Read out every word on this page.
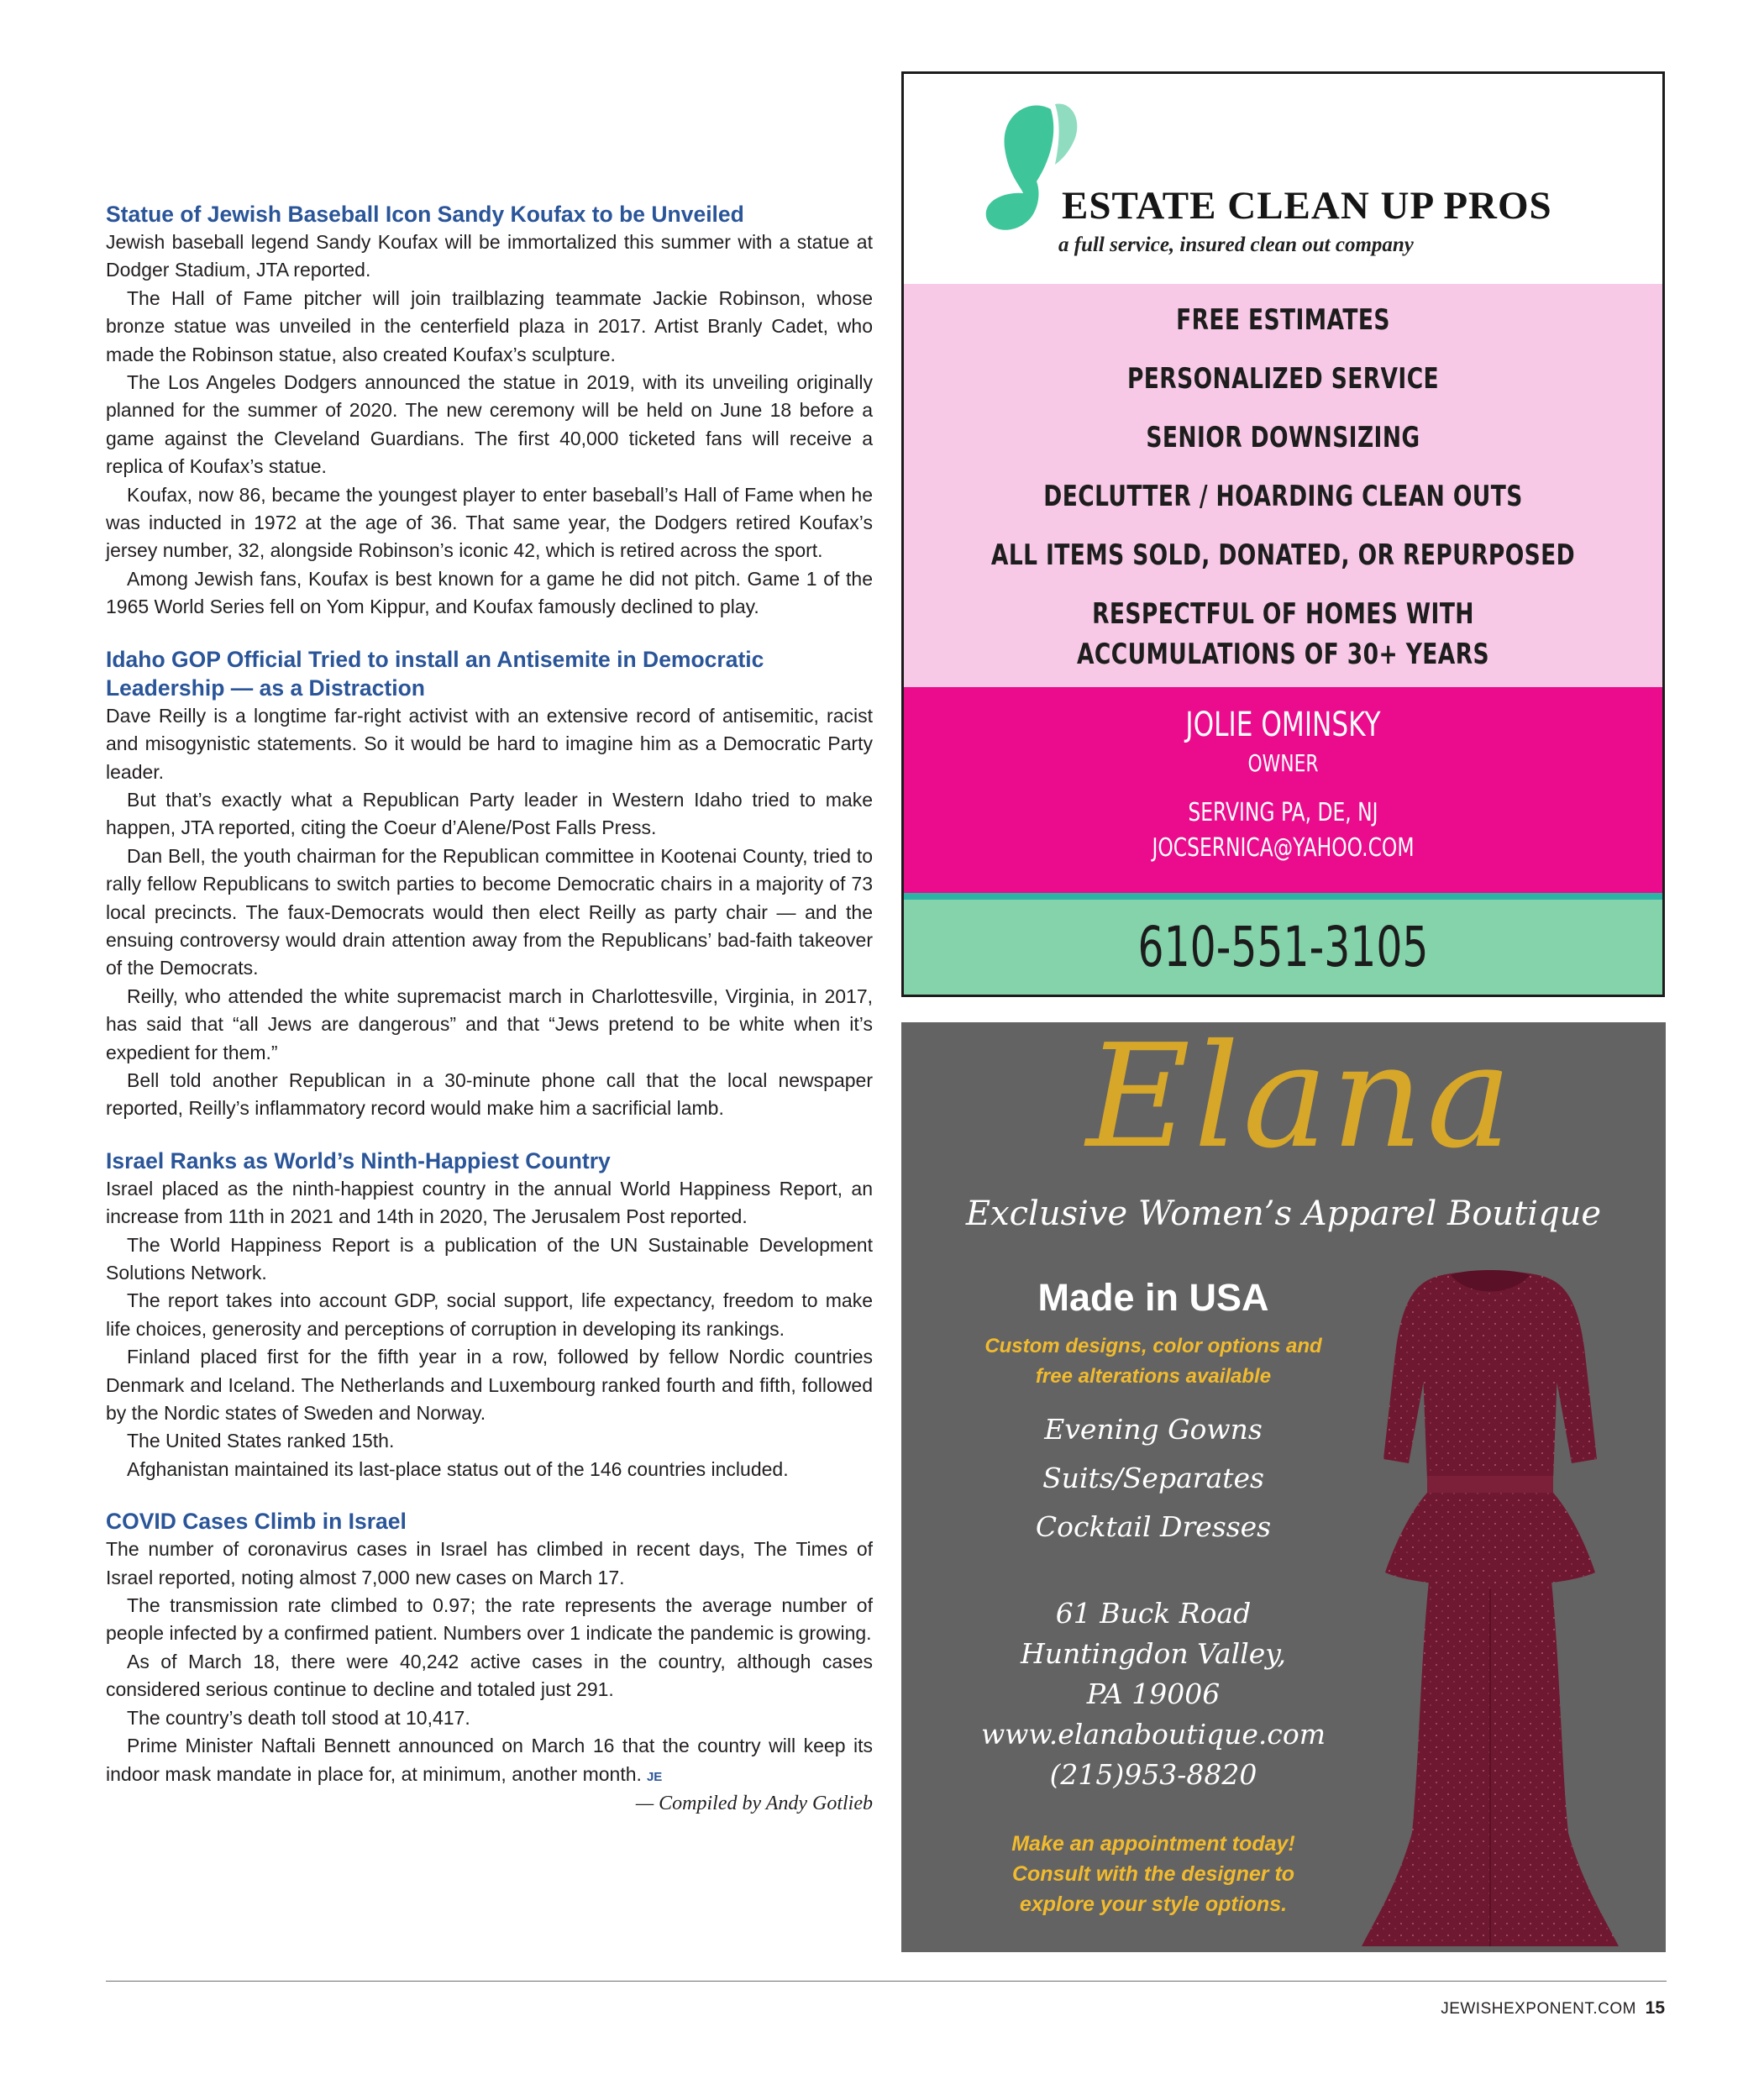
Statue of Jewish Baseball Icon Sandy Koufax to be Unveiled

Jewish baseball legend Sandy Koufax will be immortalized this summer with a statue at Dodger Stadium, JTA reported.

The Hall of Fame pitcher will join trailblazing teammate Jackie Robinson, whose bronze statue was unveiled in the centerfield plaza in 2017. Artist Branly Cadet, who made the Robinson statue, also created Koufax’s sculpture.

The Los Angeles Dodgers announced the statue in 2019, with its unveiling originally planned for the summer of 2020. The new ceremony will be held on June 18 before a game against the Cleveland Guardians. The first 40,000 ticketed fans will receive a replica of Koufax’s statue.

Koufax, now 86, became the youngest player to enter baseball’s Hall of Fame when he was inducted in 1972 at the age of 36. That same year, the Dodgers retired Koufax’s jersey number, 32, alongside Robinson’s iconic 42, which is retired across the sport.

Among Jewish fans, Koufax is best known for a game he did not pitch. Game 1 of the 1965 World Series fell on Yom Kippur, and Koufax famously declined to play.

Idaho GOP Official Tried to install an Antisemite in Democratic Leadership — as a Distraction

Dave Reilly is a longtime far-right activist with an extensive record of antisemitic, racist and misogynistic statements. So it would be hard to imagine him as a Democratic Party leader.

But that’s exactly what a Republican Party leader in Western Idaho tried to make happen, JTA reported, citing the Coeur d’Alene/Post Falls Press.

Dan Bell, the youth chairman for the Republican committee in Kootenai County, tried to rally fellow Republicans to switch parties to become Democratic chairs in a majority of 73 local precincts. The faux-Democrats would then elect Reilly as party chair — and the ensuing controversy would drain attention away from the Republicans’ bad-faith takeover of the Democrats.

Reilly, who attended the white supremacist march in Charlottesville, Virginia, in 2017, has said that “all Jews are dangerous” and that “Jews pretend to be white when it’s expedient for them.”

Bell told another Republican in a 30-minute phone call that the local newspaper reported, Reilly’s inflammatory record would make him a sacrificial lamb.

Israel Ranks as World’s Ninth-Happiest Country

Israel placed as the ninth-happiest country in the annual World Happiness Report, an increase from 11th in 2021 and 14th in 2020, The Jerusalem Post reported.

The World Happiness Report is a publication of the UN Sustainable Development Solutions Network.

The report takes into account GDP, social support, life expectancy, freedom to make life choices, generosity and perceptions of corruption in developing its rankings.

Finland placed first for the fifth year in a row, followed by fellow Nordic countries Denmark and Iceland. The Netherlands and Luxembourg ranked fourth and fifth, followed by the Nordic states of Sweden and Norway.

The United States ranked 15th.

Afghanistan maintained its last-place status out of the 146 countries included.

COVID Cases Climb in Israel

The number of coronavirus cases in Israel has climbed in recent days, The Times of Israel reported, noting almost 7,000 new cases on March 17.

The transmission rate climbed to 0.97; the rate represents the average number of people infected by a confirmed patient. Numbers over 1 indicate the pandemic is growing.

As of March 18, there were 40,242 active cases in the country, although cases considered serious continue to decline and totaled just 291.

The country’s death toll stood at 10,417.

Prime Minister Naftali Bennett announced on March 16 that the country will keep its indoor mask mandate in place for, at minimum, another month. JE

— Compiled by Andy Gotlieb
ESTATE CLEAN UP PROS
a full service, insured clean out company
FREE ESTIMATES
PERSONALIZED SERVICE
SENIOR DOWNSIZING
DECLUTTER / HOARDING CLEAN OUTS
ALL ITEMS SOLD, DONATED, OR REPURPOSED
RESPECTFUL OF HOMES WITH
ACCUMULATIONS OF 30+ YEARS
JOLIE OMINSKY
OWNER
SERVING PA, DE, NJ
JOCSERNICA@YAHOO.COM
610-551-3105
Elana
Exclusive Women’s Apparel Boutique
Made in USA
Custom designs, color options and
free alterations available
Evening Gowns
Suits/Separates
Cocktail Dresses
61 Buck Road
Huntingdon Valley,
PA 19006
www.elanaboutique.com
(215)953-8820
Make an appointment today!
Consult with the designer to
explore your style options.
JEWISHEXPONENT.COM 15
